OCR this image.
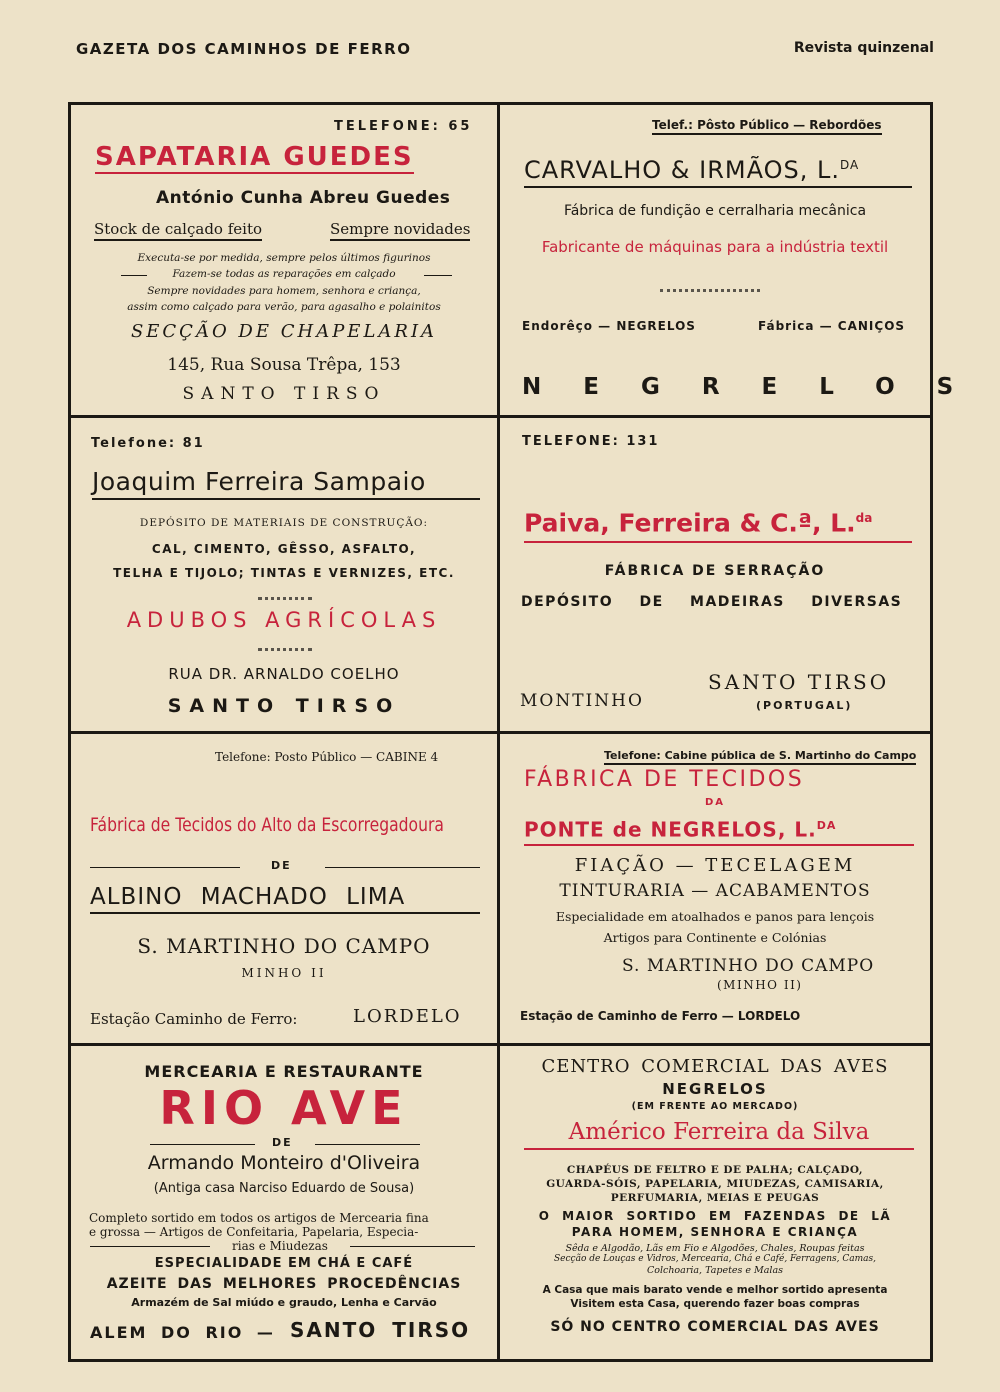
GAZETA DOS CAMINHOS DE FERRO	Revista quinzenal
TELEFONE: 65
SAPATARIA GUEDES
António Cunha Abreu Guedes
Stock de calçado feito	Sempre novidades
Executa-se por medida, sempre pelos últimos figurinos
Fazem-se todas as reparações em calçado
Sempre novidades para homem, senhora e criança,
assim como calçado para verão, para agasalho e polainitos
SECÇÃO DE CHAPELARIA
145, Rua Sousa Trêpa, 153
SANTO TIRSO
Telef.: Pôsto Público — Rebordões
CARVALHO & IRMÃOS, L.$^{DA}$
Fábrica de fundição e cerralharia mecânica
Fabricante de máquinas para a indústria textil
Endorêço — NEGRELOS	Fábrica — CANIÇOS
NEGRELOS
Telefone: 81
Joaquim Ferreira Sampaio
DEPÓSITO DE MATERIAIS DE CONSTRUÇÃO:
CAL, CIMENTO, GÊSSO, ASFALTO,
TELHA E TIJOLO; TINTAS E VERNIZES, ETC.
ADUBOS AGRÍCOLAS
RUA DR. ARNALDO COELHO
SANTO TIRSO
TELEFONE: 131
Paiva, Ferreira & C.ª, L.$^{da}$
FÁBRICA DE SERRAÇÃO
DEPÓSITO DE MADEIRAS DIVERSAS
MONTINHO
SANTO TIRSO
(PORTUGAL)
Telefone: Posto Público — CABINE 4
Fábrica de Tecidos do Alto da Escorregadoura
DE
ALBINO MACHADO LIMA
S. MARTINHO DO CAMPO
MINHO II
Estação Caminho de Ferro:	LORDELO
Telefone: Cabine pública de S. Martinho do Campo
FÁBRICA DE TECIDOS
DA
PONTE de NEGRELOS, L.$^{DA}$
FIAÇÃO — TECELAGEM
TINTURARIA — ACABAMENTOS
Especialidade em atoalhados e panos para lençois
Artigos para Continente e Colónias
S. MARTINHO DO CAMPO
(MINHO II)
Estação de Caminho de Ferro — LORDELO
MERCEARIA E RESTAURANTE
RIO AVE
DE
Armando Monteiro d'Oliveira
(Antiga casa Narciso Eduardo de Sousa)
Completo sortido em todos os artigos de Mercearia fina
e grossa — Artigos de Confeitaria, Papelaria, Especia-
rias e Miudezas
ESPECIALIDADE EM CHÁ E CAFÉ
AZEITE DAS MELHORES PROCEDÊNCIAS
Armazém de Sal miúdo e graudo, Lenha e Carvão
ALEM DO RIO — SANTO TIRSO
CENTRO COMERCIAL DAS AVES
NEGRELOS
(EM FRENTE AO MERCADO)
Américo Ferreira da Silva
CHAPÉUS DE FELTRO E DE PALHA; CALÇADO,
GUARDA-SÓIS, PAPELARIA, MIUDEZAS, CAMISARIA,
PERFUMARIA, MEIAS E PEUGAS
O MAIOR SORTIDO EM FAZENDAS DE LÃ
PARA HOMEM, SENHORA E CRIANÇA
Sêda e Algodão, Lãs em Fio e Algodões, Chales, Roupas feitas
Secção de Louças e Vidros, Mercearia, Chá e Café, Ferragens, Camas,
Colchoaria, Tapetes e Malas
A Casa que mais barato vende e melhor sortido apresenta
Visitem esta Casa, querendo fazer boas compras
SÓ NO CENTRO COMERCIAL DAS AVES
